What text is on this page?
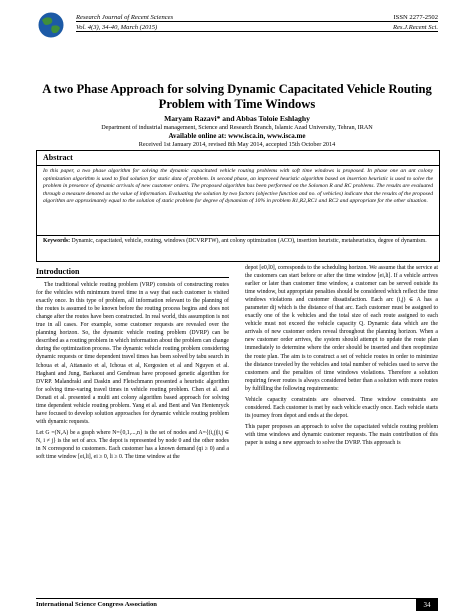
Research Journal of Recent Sciences
Vol. 4(3), 34-40, March (2015)
ISSN 2277-2502
Res.J.Recent Sci.
A two Phase Approach for solving Dynamic Capacitated Vehicle Routing Problem with Time Windows
Maryam Razavi* and Abbas Toloie Eshlaghy
Department of industrial management, Science and Research Branch, Islamic Azad University, Tehran, IRAN
Available online at: www.isca.in, www.isca.me
Received 1st January 2014, revised 8th May 2014, accepted 15th October 2014
Abstract
In this paper, a two phase algorithm for solving the dynamic capacitated vehicle routing problems with soft time windows is proposed. In phase one an ant colony optimization algorithm is used to find solution for static data of problem. In second phase, an improved heuristic algorithm based on insertion heuristic is used to solve the problem in presence of dynamic arrivals of new customer orders. The proposed algorithm has been performed on the Solomon R and RC problems. The results are evaluated through a measure denoted as the value of information. Evaluating the solution by two factors (objective function and no. of vehicles) indicate that the results of the proposed algorithm are approximately equal to the solution of static problem for degree of dynamism of 10% in problem R1,R2,RC1 and RC2 and appropriate for the other situation.
Keywords: Dynamic, capacitated, vehicle, routing, windows (DCVRPTW), ant colony optimization (ACO), insertion heuristic, metaheuristics, degree of dynamism.
Introduction

The traditional vehicle routing problem (VRP) consists of constructing routes for the vehicles with minimum travel time in a way that each customer is visited exactly once. In this type of problem, all information relevant to the planning of the routes is assumed to be known before the routing process begins and does not change after the routes have been constructed. In real world, this assumption is not true in all cases. For example, some customer requests are revealed over the planning horizon. So, the dynamic vehicle routing problem (DVRP) can be described as a routing problem in which information about the problem can change during the optimization process. The dynamic vehicle routing problem considering dynamic requests or time dependent travel times has been solved by tabu search in Ichoua et al, Attanasio et al, Ichoua et al, Kergosien et al and Nguyen et al. Haghani and Jung, Barkaoui and Gendreau have proposed genetic algorithm for DVRP. Malandraki and Daskin and Fleischmann presented a heuristic algorithm for solving time-varing travel times in vehicle routing problem. Chen et al. and Donati et al. presented a multi ant colony algorithm based approach for solving time dependent vehicle routing problem. Yang et al. and Bent and Van Hentenryck have focused to develop solution approaches for dynamic vehicle routing problem with dynamic requests.

Let G =(N,A) be a graph where N={0,1,...,n} is the set of nodes and A={(i,j)|i,j ∈ N, i ≠ j} is the set of arcs. The depot is represented by node 0 and the other nodes in N correspond to customers. Each customer has a known demand (qi ≥ 0) and a soft time window [ei,li], ei ≥ 0, li ≥ 0. The time window at the

depot [e0,l0], corresponds to the scheduling horizon. We assume that the service at the customers can start before or after the time window [ei,li]. If a vehicle arrives earlier or later than customer time window, a customer can be served outside its time window, but appropriate penalties should be considered which reflect the time windows violations and customer dissatisfaction. Each arc (i,j) ∈ A has a parameter dij which is the distance of that arc. Each customer must be assigned to exactly one of the k vehicles and the total size of each route assigned to each vehicle must not exceed the vehicle capacity Q. Dynamic data which are the arrivals of new customer orders reveal throughout the planning horizon. When a new customer order arrives, the system should attempt to update the route plan immediately to determine where the order should be inserted and then reoptimize the route plan. The aim is to construct a set of vehicle routes in order to minimize the distance traveled by the vehicles and total number of vehicles used to serve the customers and the penalties of time windows violations. Therefore a solution requiring fewer routes is always considered better than a solution with more routes by fulfilling the following requirements:

Vehicle capacity constraints are observed. Time window constraints are considered. Each customer is met by each vehicle exactly once. Each vehicle starts its journey from depot and ends at the depot.

This paper proposes an approach to solve the capacitated vehicle routing problem with time windows and dynamic customer requests. The main contribution of this paper is using a new approach to solve the DVRP. This approach is

International Science Congress Association	34
